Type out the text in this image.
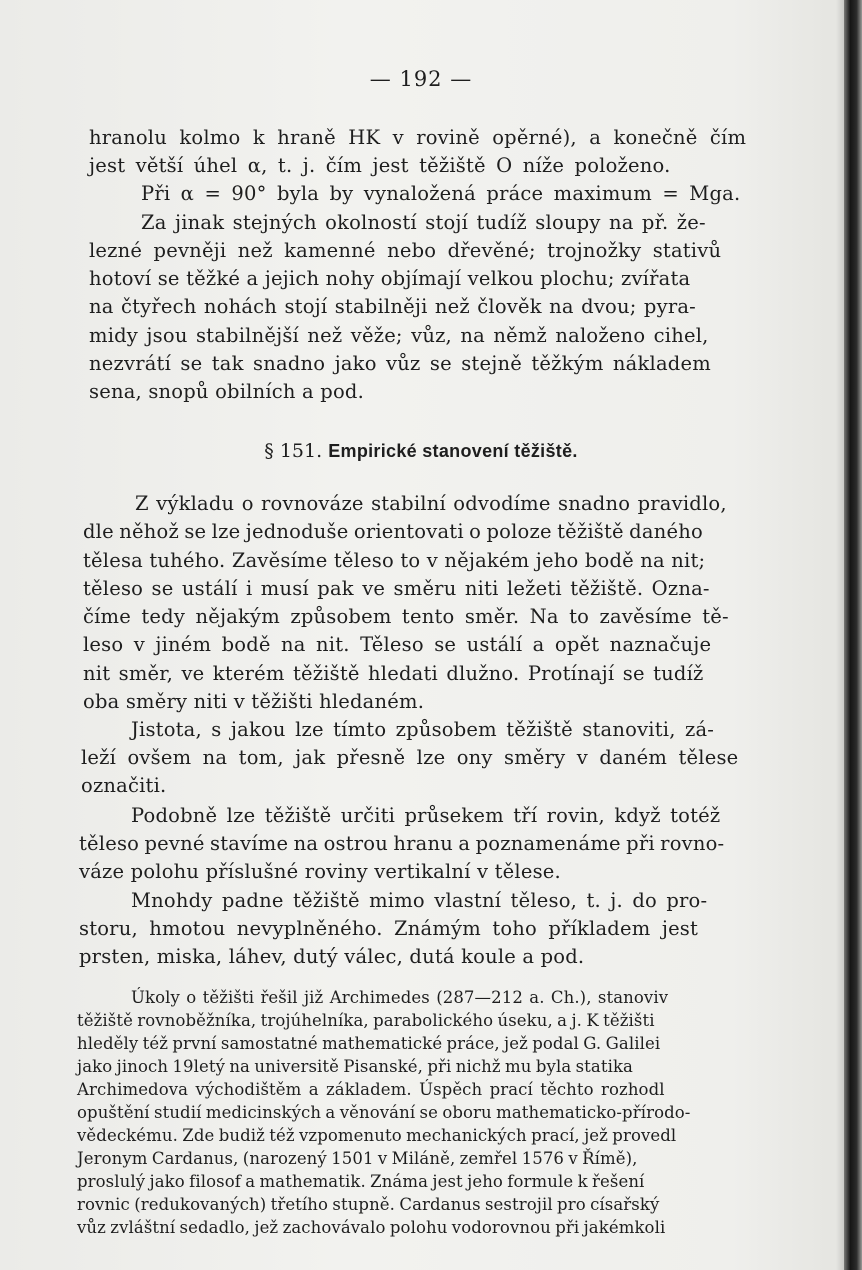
— 192 —
hranolu kolmo k hraně HK v rovině opěrné), a konečně čím
jest větší úhel α, t. j. čím jest těžiště O níže položeno.
Při α = 90° byla by vynaložená práce maximum = Mga.
Za jinak stejných okolností stojí tudíž sloupy na př. že-
lezné pevněji než kamenné nebo dřevěné; trojnožky stativů
hotoví se těžké a jejich nohy objímají velkou plochu; zvířata
na čtyřech nohách stojí stabilněji než člověk na dvou; pyra-
midy jsou stabilnější než věže; vůz, na němž naloženo cihel,
nezvrátí se tak snadno jako vůz se stejně těžkým nákladem
sena, snopů obilních a pod.
§ 151. Empirické stanovení těžiště.
Z výkladu o rovnováze stabilní odvodíme snadno pravidlo,
dle něhož se lze jednoduše orientovati o poloze těžiště daného
tělesa tuhého. Zavěsíme těleso to v nějakém jeho bodě na nit;
těleso se ustálí i musí pak ve směru niti ležeti těžiště. Ozna-
číme tedy nějakým způsobem tento směr. Na to zavěsíme tě-
leso v jiném bodě na nit. Těleso se ustálí a opět naznačuje
nit směr, ve kterém těžiště hledati dlužno. Protínají se tudíž
oba směry niti v těžišti hledaném.
Jistota, s jakou lze tímto způsobem těžiště stanoviti, zá-
leží ovšem na tom, jak přesně lze ony směry v daném tělese
označiti.
Podobně lze těžiště určiti průsekem tří rovin, když totéž
těleso pevné stavíme na ostrou hranu a poznamenáme při rovno-
váze polohu příslušné roviny vertikalní v tělese.
Mnohdy padne těžiště mimo vlastní těleso, t. j. do pro-
storu, hmotou nevyplněného. Známým toho příkladem jest
prsten, miska, láhev, dutý válec, dutá koule a pod.
Úkoly o těžišti řešil již Archimedes (287—212 a. Ch.), stanoviv
těžiště rovnoběžníka, trojúhelníka, parabolického úseku, a j. K těžišti
hleděly též první samostatné mathematické práce, jež podal G. Galilei
jako jinoch 19letý na universitě Pisanské, při nichž mu byla statika
Archimedova východištěm a základem. Úspěch prací těchto rozhodl
opuštění studií medicinských a věnování se oboru mathematicko-přírodo-
vědeckému. Zde budiž též vzpomenuto mechanických prací, jež provedl
Jeronym Cardanus, (narozený 1501 v Miláně, zemřel 1576 v Římě),
proslulý jako filosof a mathematik. Známa jest jeho formule k řešení
rovnic (redukovaných) třetího stupně. Cardanus sestrojil pro císařský
vůz zvláštní sedadlo, jež zachovávalo polohu vodorovnou při jakémkoli
